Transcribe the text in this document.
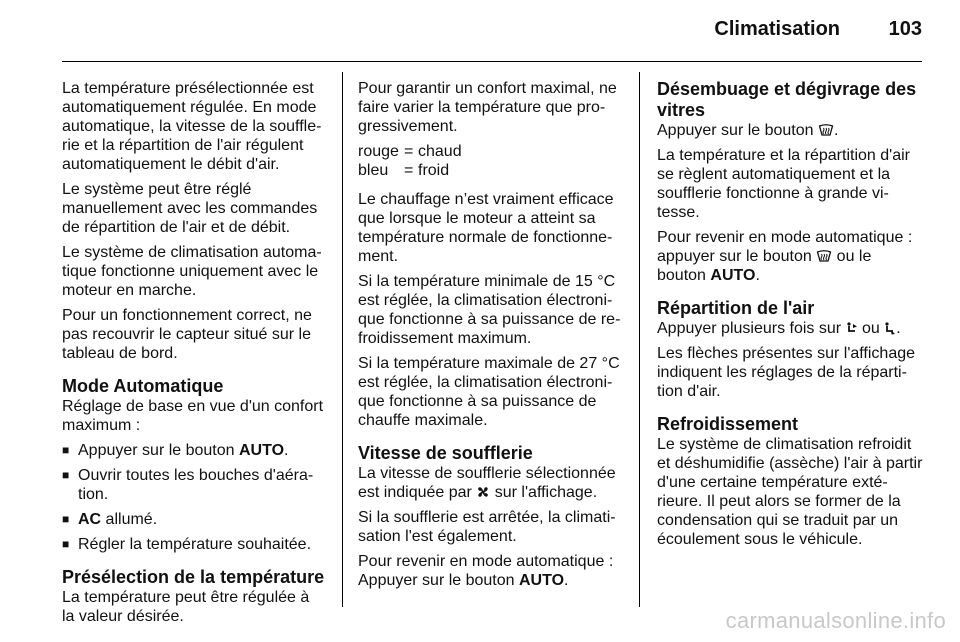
Climatisation 103

La température présélectionnée est automatiquement régulée. En mode automatique, la vitesse de la soufflerie et la répartition de l'air régulent automatiquement le débit d'air.

Le système peut être réglé manuellement avec les commandes de répartition de l'air et de débit.

Le système de climatisation automatique fonctionne uniquement avec le moteur en marche.

Pour un fonctionnement correct, ne pas recouvrir le capteur situé sur le tableau de bord.

Mode Automatique

Réglage de base en vue d'un confort maximum :

■ Appuyer sur le bouton AUTO.
■ Ouvrir toutes les bouches d'aération.
■ AC allumé.
■ Régler la température souhaitée.
Présélection de la température

La température peut être régulée à la valeur désirée.

Pour garantir un confort maximal, ne faire varier la température que progressivement.

rouge	=	chaud
bleu	=	froid

Le chauffage n’est vraiment efficace que lorsque le moteur a atteint sa température normale de fonctionnement.

Si la température minimale de 15 °C est réglée, la climatisation électronique fonctionne à sa puissance de refroidissement maximum.

Si la température maximale de 27 °C est réglée, la climatisation électronique fonctionne à sa puissance de chauffe maximale.

Vitesse de soufflerie

La vitesse de soufflerie sélectionnée est indiquée par
sur l'affichage.

Si la soufflerie est arrêtée, la climatisation l'est également.

Pour revenir en mode automatique : Appuyer sur le bouton AUTO.

Désembuage et dégivrage des vitres

Appuyer sur le bouton
.

La température et la répartition d'air se règlent automatiquement et la soufflerie fonctionne à grande vitesse.

Pour revenir en mode automatique : appuyer sur le bouton
ou le bouton AUTO.

Répartition de l'air

Appuyer plusieurs fois sur
ou
.

Les flèches présentes sur l'affichage indiquent les réglages de la répartition d'air.

Refroidissement

Le système de climatisation refroidit et déshumidifie (assèche) l'air à partir d'une certaine température extérieure. Il peut alors se former de la condensation qui se traduit par un écoulement sous le véhicule.

carmanualsonline.info
